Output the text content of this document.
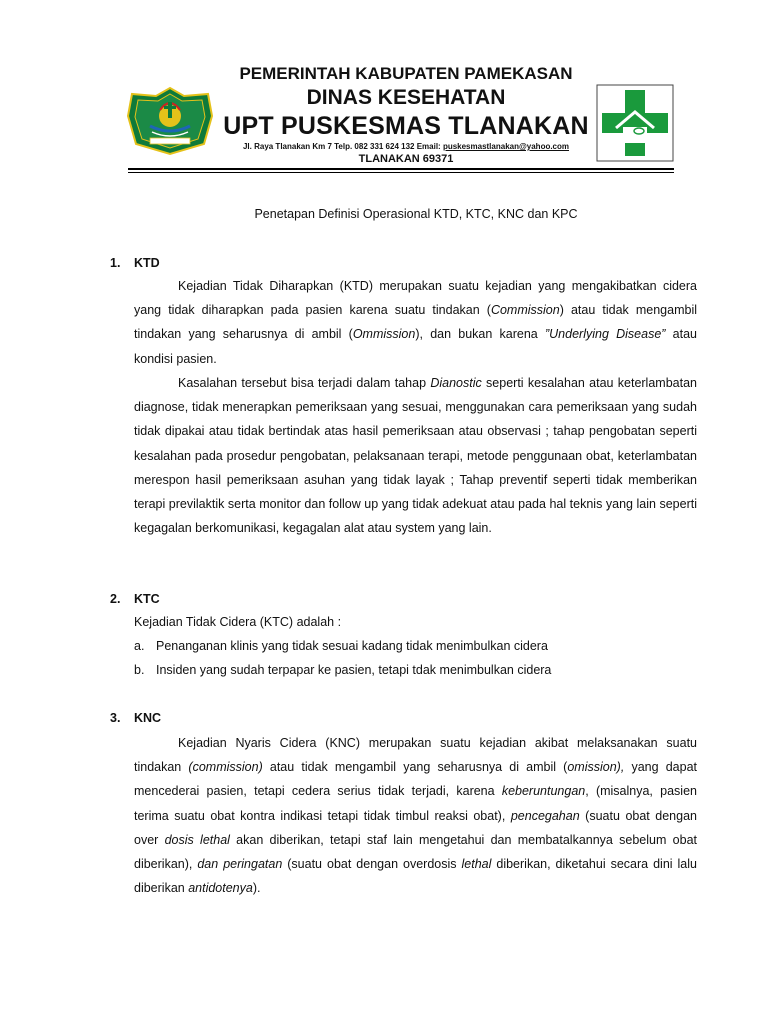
PEMERINTAH KABUPATEN PAMEKASAN
DINAS KESEHATAN
UPT PUSKESMAS TLANAKAN
Jl. Raya Tlanakan Km 7 Telp. 082 331 624 132 Email: puskesmastlanakan@yahoo.com
TLANAKAN 69371
Penetapan Definisi Operasional KTD, KTC, KNC dan KPC
1. KTD
Kejadian Tidak Diharapkan (KTD) merupakan suatu kejadian yang mengakibatkan cidera yang tidak diharapkan pada pasien karena suatu tindakan (Commission) atau tidak mengambil tindakan yang seharusnya di ambil (Ommission), dan bukan karena ”Underlying Disease” atau kondisi pasien.
Kasalahan tersebut bisa terjadi dalam tahap Dianostic seperti kesalahan atau keterlambatan diagnose, tidak menerapkan pemeriksaan yang sesuai, menggunakan cara pemeriksaan yang sudah tidak dipakai atau tidak bertindak atas hasil pemeriksaan atau observasi ; tahap pengobatan seperti kesalahan pada prosedur pengobatan, pelaksanaan terapi, metode penggunaan obat, keterlambatan merespon hasil pemeriksaan asuhan yang tidak layak ; Tahap preventif seperti tidak memberikan terapi previlaktik serta monitor dan follow up yang tidak adekuat atau pada hal teknis yang lain seperti kegagalan berkomunikasi, kegagalan alat atau system yang lain.
2. KTC
Kejadian Tidak Cidera (KTC) adalah :
a. Penanganan klinis yang tidak sesuai kadang tidak menimbulkan cidera
b. Insiden yang sudah terpapar ke pasien, tetapi tdak menimbulkan cidera
3. KNC
Kejadian Nyaris Cidera (KNC) merupakan suatu kejadian akibat melaksanakan suatu tindakan (commission) atau tidak mengambil yang seharusnya di ambil (omission), yang dapat mencederai pasien, tetapi cedera serius tidak terjadi, karena keberuntungan, (misalnya, pasien terima suatu obat kontra indikasi tetapi tidak timbul reaksi obat), pencegahan (suatu obat dengan over dosis lethal akan diberikan, tetapi staf lain mengetahui dan membatalkannya sebelum obat diberikan), dan peringatan (suatu obat dengan overdosis lethal diberikan, diketahui secara dini lalu diberikan antidotenya).
